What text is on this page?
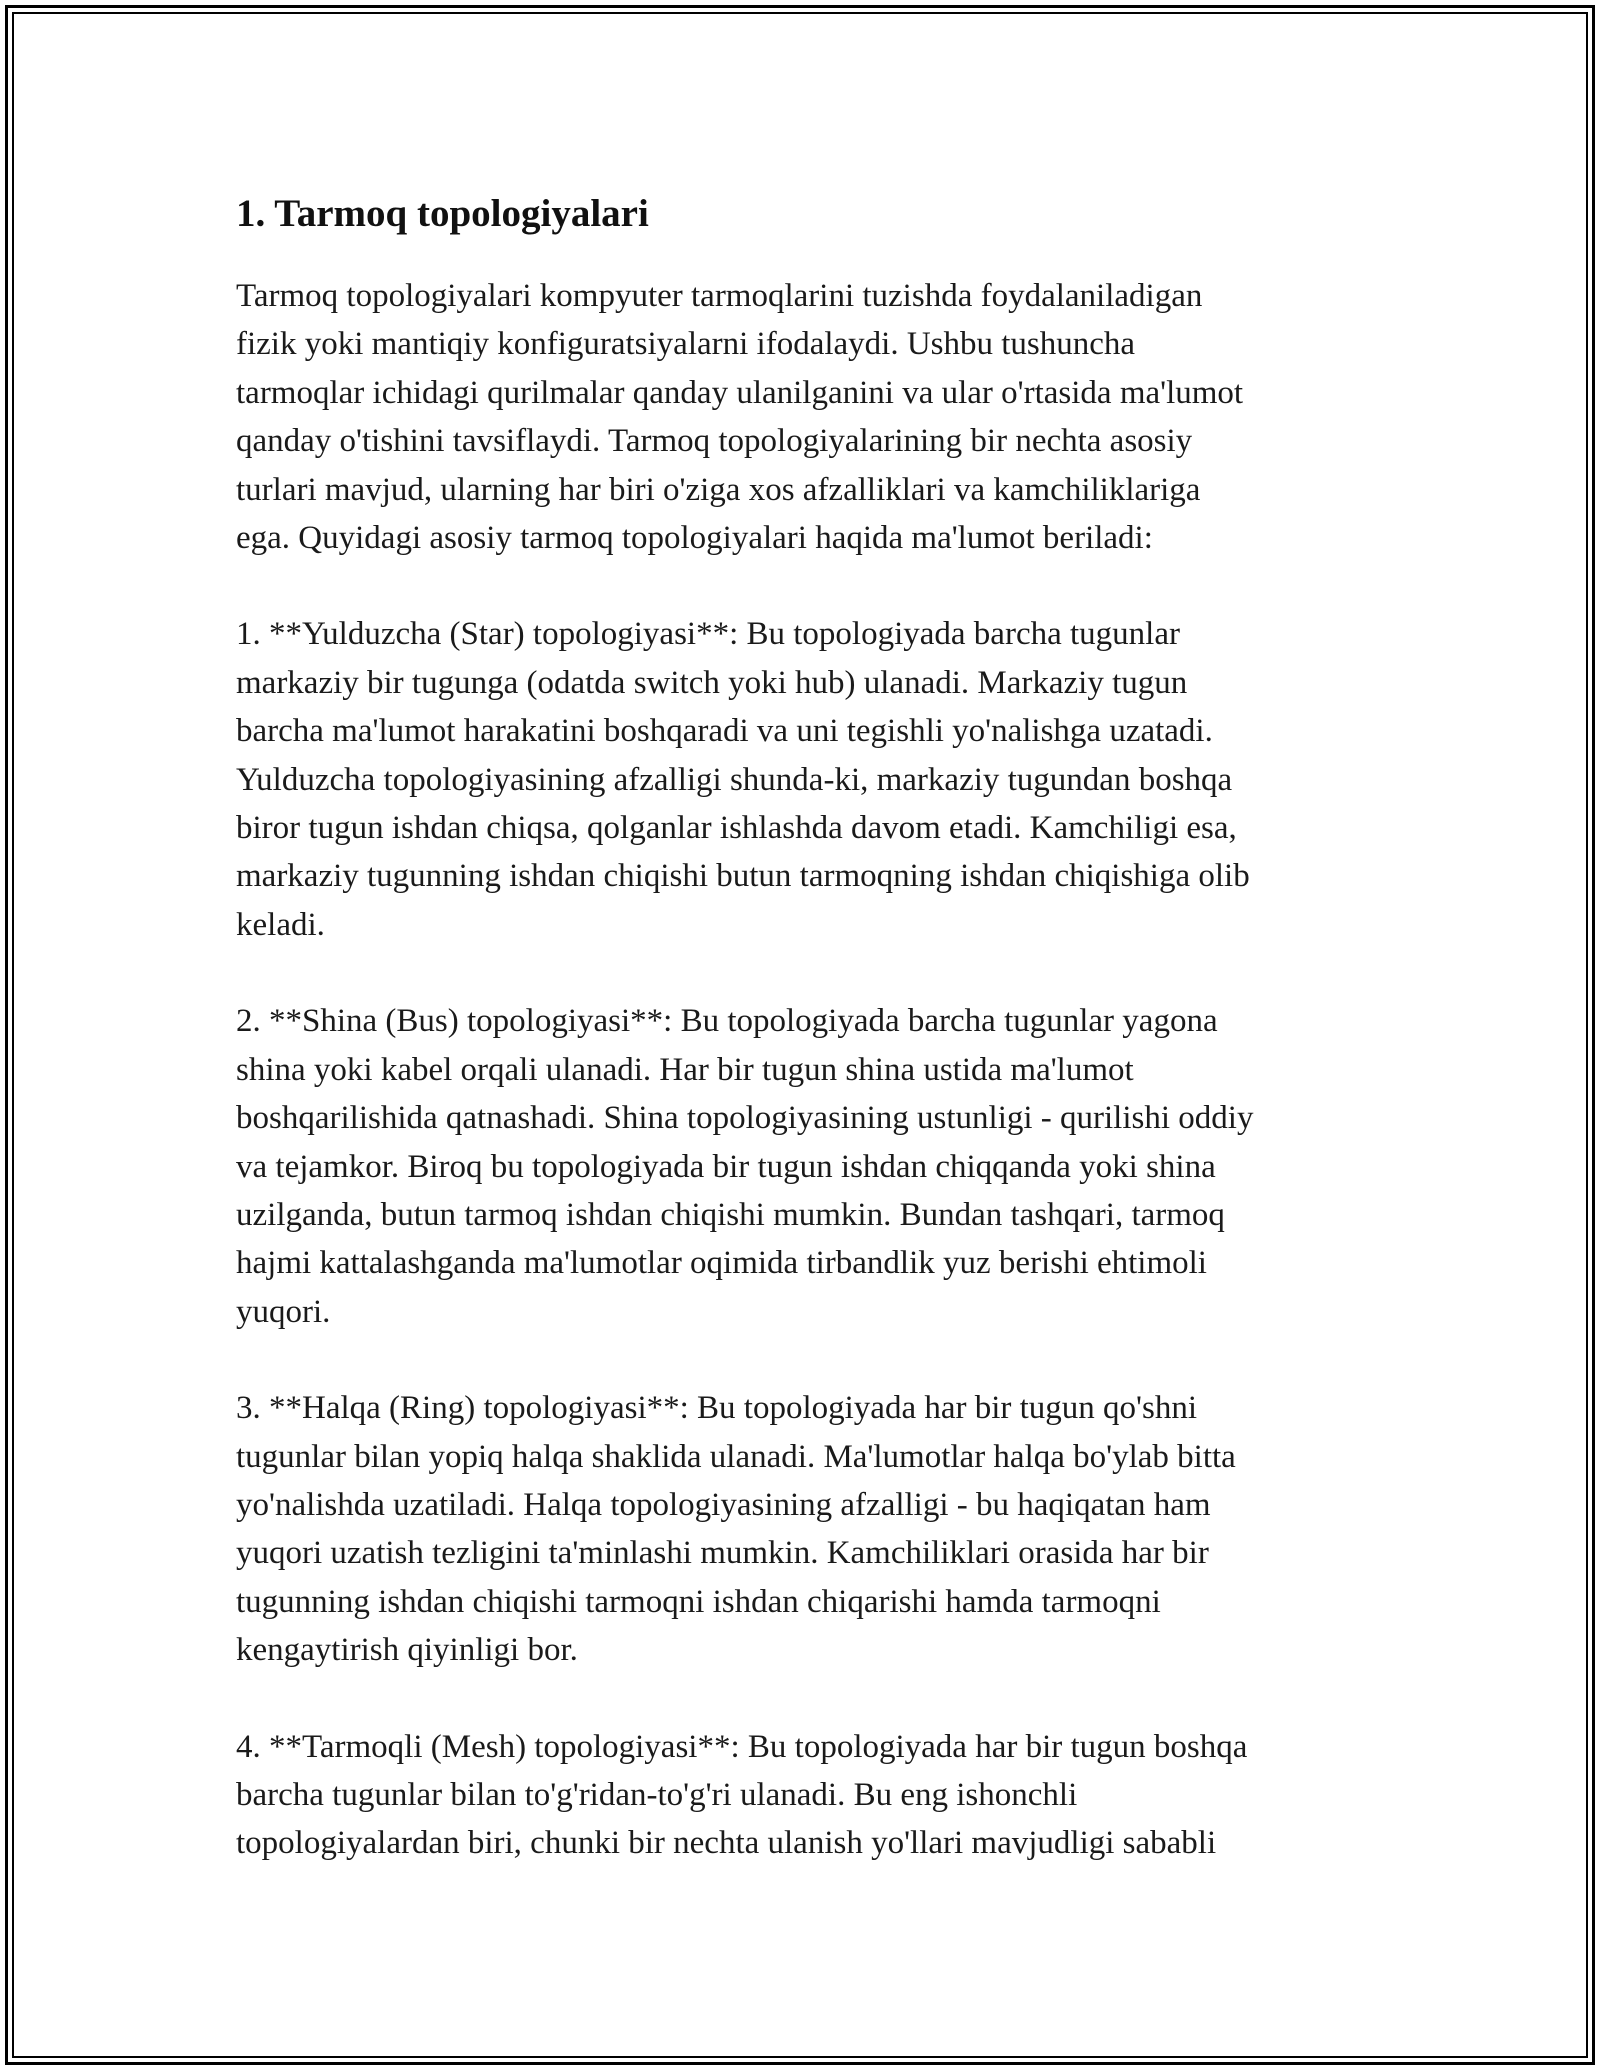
1. Tarmoq topologiyalari

Tarmoq topologiyalari kompyuter tarmoqlarini tuzishda foydalaniladigan
fizik yoki mantiqiy konfiguratsiyalarni ifodalaydi. Ushbu tushuncha
tarmoqlar ichidagi qurilmalar qanday ulanilganini va ular o'rtasida ma'lumot
qanday o'tishini tavsiflaydi. Tarmoq topologiyalarining bir nechta asosiy
turlari mavjud, ularning har biri o'ziga xos afzalliklari va kamchiliklariga
ega. Quyidagi asosiy tarmoq topologiyalari haqida ma'lumot beriladi:

1. **Yulduzcha (Star) topologiyasi**: Bu topologiyada barcha tugunlar
markaziy bir tugunga (odatda switch yoki hub) ulanadi. Markaziy tugun
barcha ma'lumot harakatini boshqaradi va uni tegishli yo'nalishga uzatadi.
Yulduzcha topologiyasining afzalligi shunda-ki, markaziy tugundan boshqa
biror tugun ishdan chiqsa, qolganlar ishlashda davom etadi. Kamchiligi esa,
markaziy tugunning ishdan chiqishi butun tarmoqning ishdan chiqishiga olib
keladi.

2. **Shina (Bus) topologiyasi**: Bu topologiyada barcha tugunlar yagona
shina yoki kabel orqali ulanadi. Har bir tugun shina ustida ma'lumot
boshqarilishida qatnashadi. Shina topologiyasining ustunligi - qurilishi oddiy
va tejamkor. Biroq bu topologiyada bir tugun ishdan chiqqanda yoki shina
uzilganda, butun tarmoq ishdan chiqishi mumkin. Bundan tashqari, tarmoq
hajmi kattalashganda ma'lumotlar oqimida tirbandlik yuz berishi ehtimoli
yuqori.

3. **Halqa (Ring) topologiyasi**: Bu topologiyada har bir tugun qo'shni
tugunlar bilan yopiq halqa shaklida ulanadi. Ma'lumotlar halqa bo'ylab bitta
yo'nalishda uzatiladi. Halqa topologiyasining afzalligi - bu haqiqatan ham
yuqori uzatish tezligini ta'minlashi mumkin. Kamchiliklari orasida har bir
tugunning ishdan chiqishi tarmoqni ishdan chiqarishi hamda tarmoqni
kengaytirish qiyinligi bor.

4. **Tarmoqli (Mesh) topologiyasi**: Bu topologiyada har bir tugun boshqa
barcha tugunlar bilan to'g'ridan-to'g'ri ulanadi. Bu eng ishonchli
topologiyalardan biri, chunki bir nechta ulanish yo'llari mavjudligi sababli
